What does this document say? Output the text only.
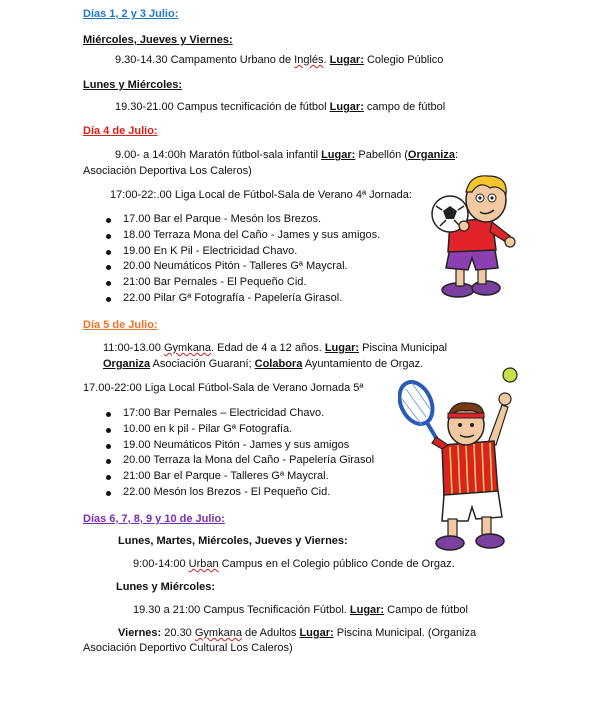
Días 1, 2 y 3 Julio:
Miércoles, Jueves y Viernes:
9.30-14.30 Campamento Urbano de Inglés. Lugar: Colegio Público
Lunes y Miércoles:
19.30-21.00 Campus tecnificación de fútbol Lugar: campo de fútbol
Día 4 de Julio:
9.00- a 14:00h Maratón fútbol-sala infantil Lugar: Pabellón (Organiza:
Asociación Deportiva Los Caleros)
17:00-22:.00 Liga Local de Fútbol-Sala de Verano 4ª Jornada:
17.00 Bar el Parque - Mesón los Brezos.
18.00 Terraza Mona del Caño - James y sus amigos.
19.00 En K Pil - Electricidad Chavo.
20.00 Neumáticos Pitón - Talleres Gª Maycral.
21:00 Bar Pernales - El Pequeño Cid.
22.00 Pilar Gª Fotografía - Papelería Girasol.
Día 5 de Julio:
11:00-13.00 Gymkana. Edad de 4 a 12 años. Lugar: Piscina Municipal
Organiza Asociación Guaraní; Colabora Ayuntamiento de Orgaz.
17.00-22:00 Liga Local Fútbol-Sala de Verano Jornada 5ª
17:00 Bar Pernales – Electricidad Chavo.
10.00 en k pil - Pilar Gª Fotografía.
19.00 Neumáticos Pitón - James y sus amigos
20.00 Terraza la Mona del Caño - Papelería Girasol
21:00 Bar el Parque - Talleres Gª Maycral.
22.00 Mesón los Brezos - El Pequeño Cid.
Días 6, 7, 8, 9 y 10 de Julio:
Lunes, Martes, Miércoles, Jueves y Viernes:
9:00-14:00 Urban Campus en el Colegio público Conde de Orgaz.
Lunes y Miércoles:
19.30 a 21:00 Campus Tecnificación Fútbol. Lugar: Campo de fútbol
Viernes: 20.30 Gymkana de Adultos Lugar: Piscina Municipal. (Organiza
Asociación Deportivo Cultural Los Caleros)
